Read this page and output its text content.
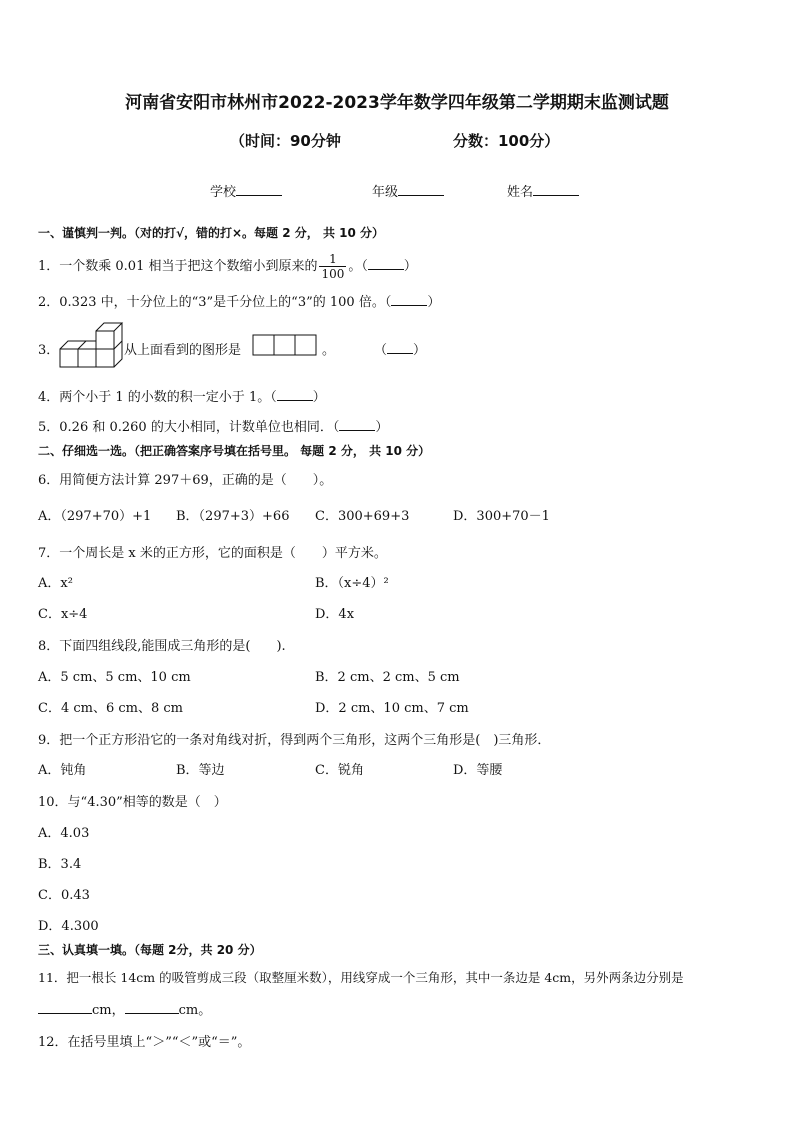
河南省安阳市林州市2022-2023学年数学四年级第二学期期末监测试题
（时间：90分钟	分数：100分）
学校	年级	姓名
一、谨慎判一判。（对的打√，错的打×。每题 2 分， 共 10 分）
1．一个数乘 0.01 相当于把这个数缩小到原来的 $\frac{1}{100}$ 。（	）
2．0.323 中，十分位上的“3”是千分位上的“3”的 100 倍。（	）
3．	从上面看到的图形是	。	（ ）
4．两个小于 1 的小数的积一定小于 1。（	）
5．0.26 和 0.260 的大小相同，计数单位也相同．（	）
二、仔细选一选。（把正确答案序号填在括号里。 每题 2 分， 共 10 分）
6．用简便方法计算 297＋69，正确的是（　　）。
A．（297+70）+1 B．（297+3）+66 C．300+69+3	D．300+70－1
7．一个周长是 x 米的正方形，它的面积是（　　）平方米。
A．x²	B．（x÷4）²
C．x÷4	D．4x
8．下面四组线段,能围成三角形的是(　　).
A．5 cm、5 cm、10 cm	B．2 cm、2 cm、5 cm
C．4 cm、6 cm、8 cm	D．2 cm、10 cm、7 cm
9．把一个正方形沿它的一条对角线对折，得到两个三角形，这两个三角形是(　)三角形．
A．钝角	B．等边	C．锐角	D．等腰
10．与“4.30”相等的数是（　）
A．4.03
B．3.4
C．0.43
D．4.300
三、认真填一填。（每题 2分，共 20 分）
11．把一根长 14cm 的吸管剪成三段（取整厘米数），用线穿成一个三角形，其中一条边是 4cm，另外两条边分别是
cm，	cm。
12．在括号里填上“＞”“＜”或“＝”。
